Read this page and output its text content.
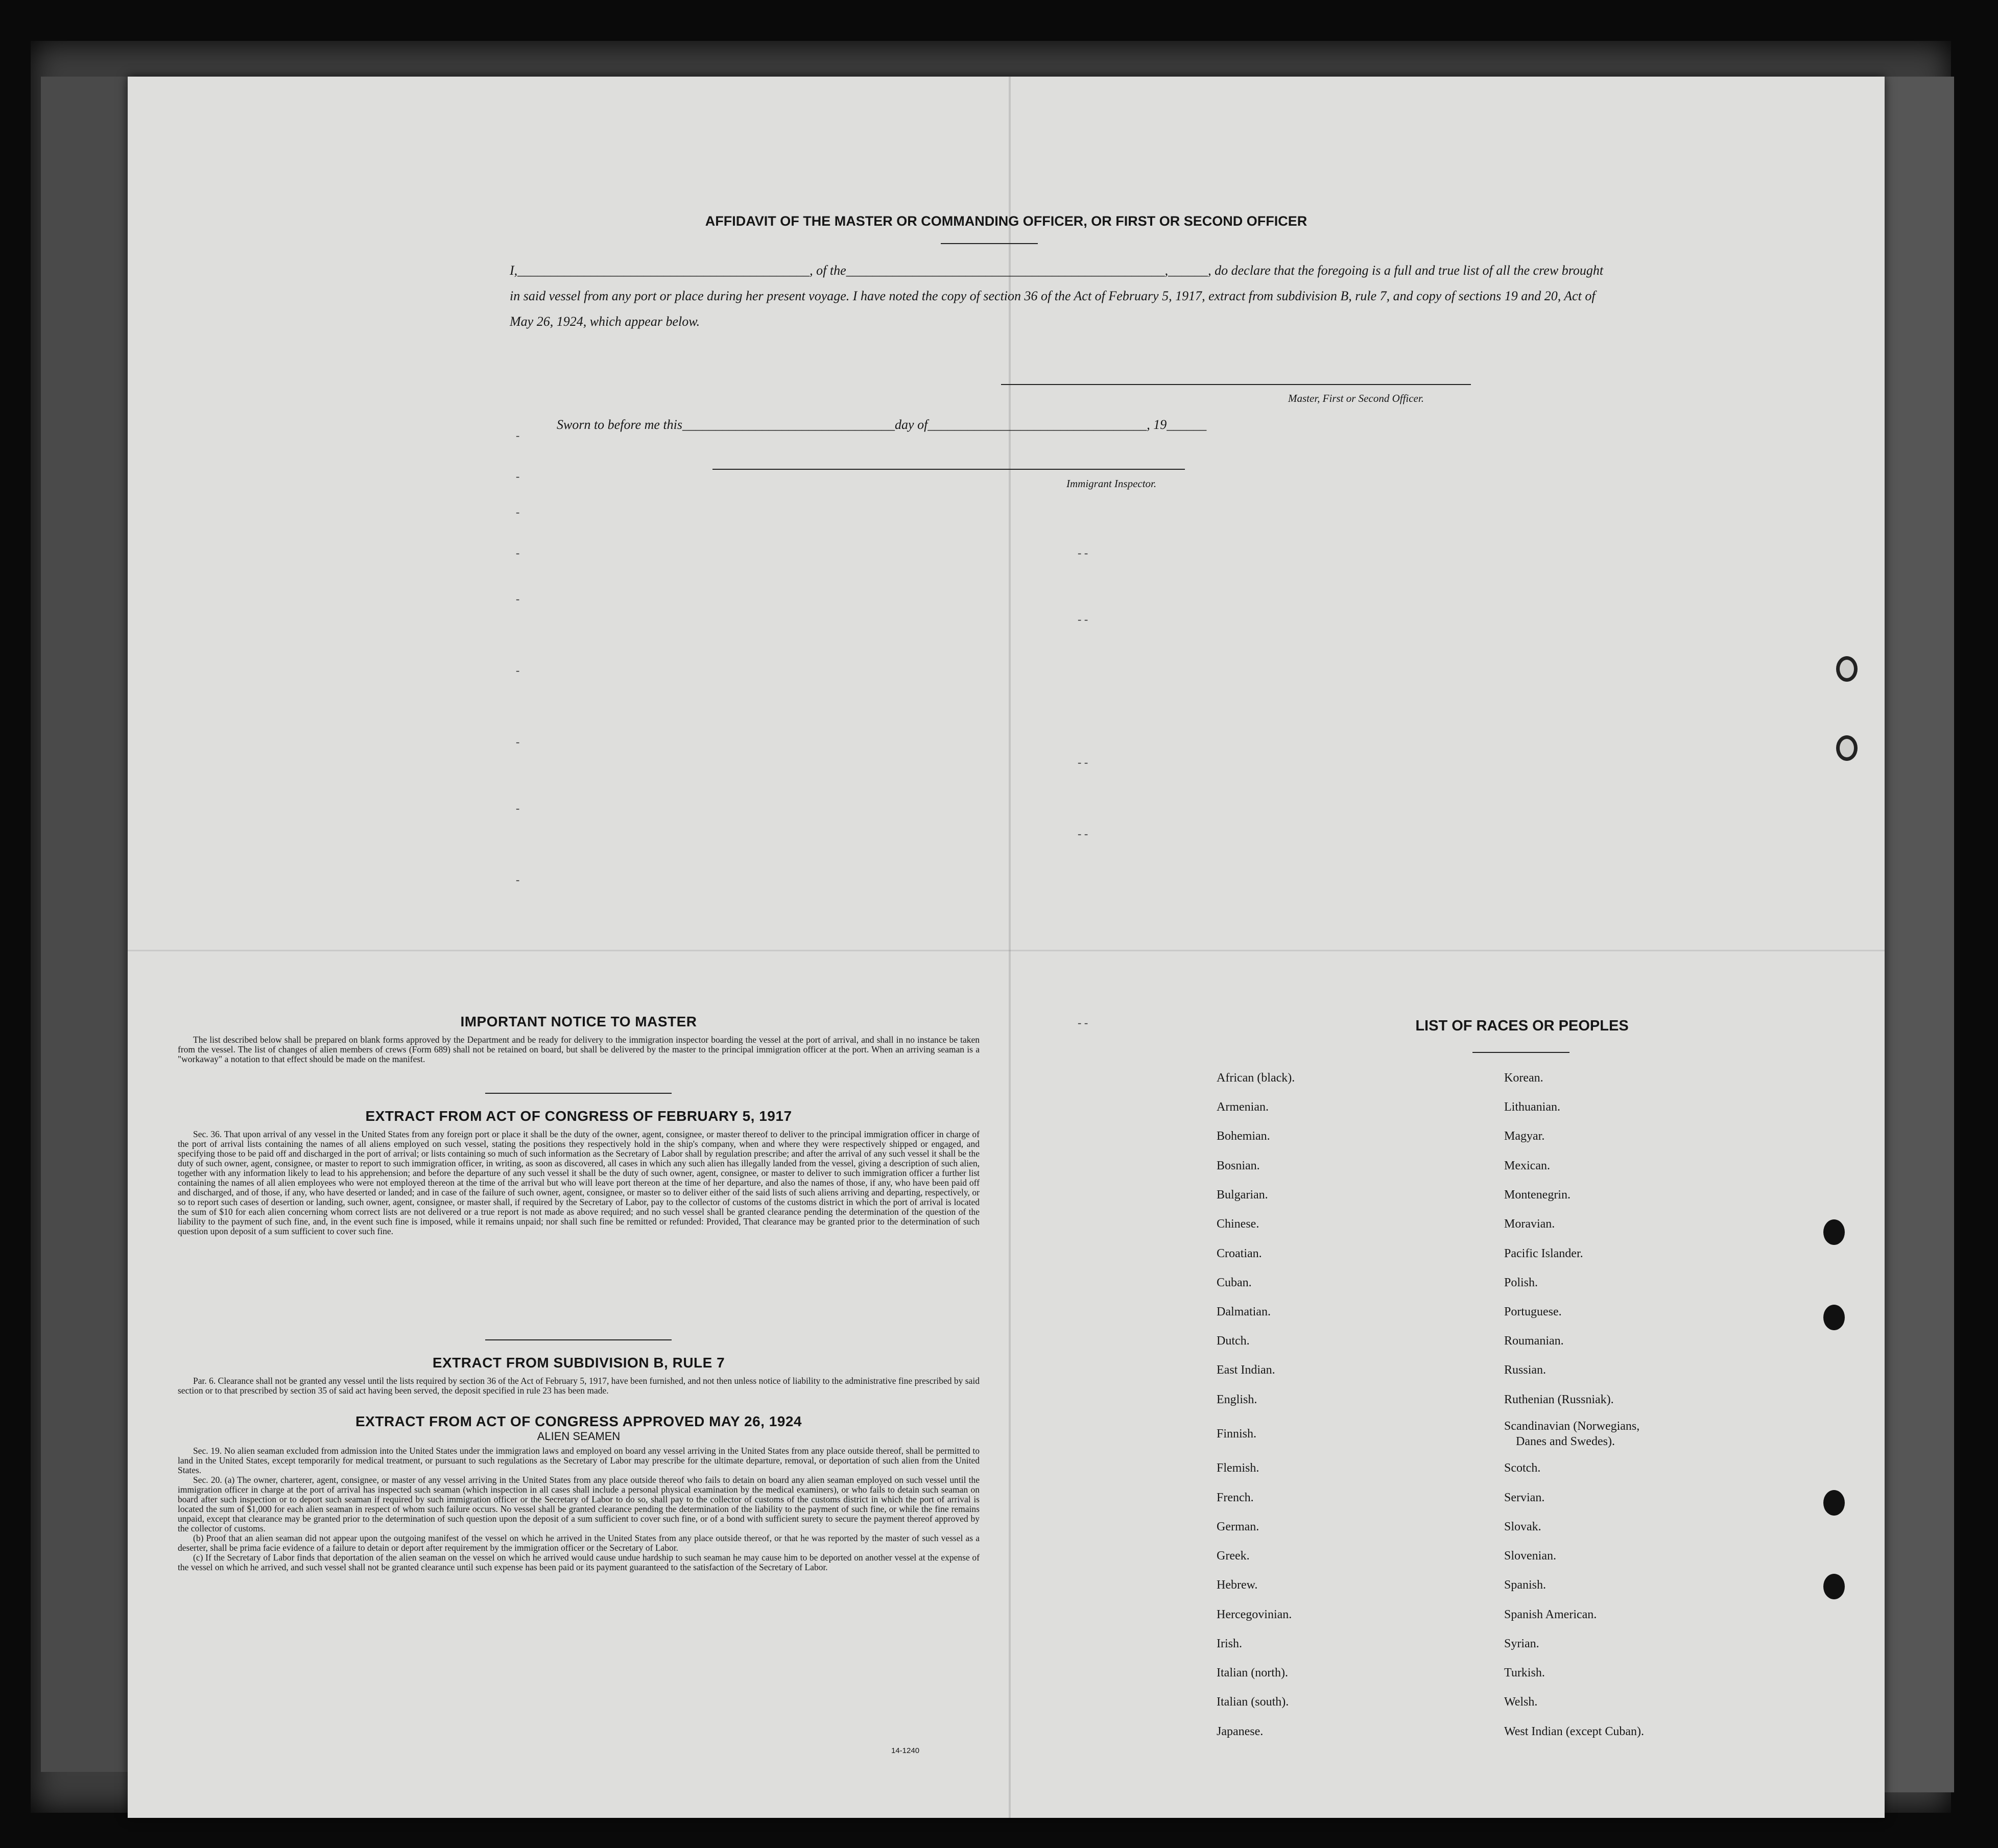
AFFIDAVIT OF THE MASTER OR COMMANDING OFFICER, OR FIRST OR SECOND OFFICER
I,____________________________________________, of the________________________________________________,______, do declare that the foregoing is a full and true list of all the crew brought in said vessel from any port or place during her present voyage. I have noted the copy of section 36 of the Act of February 5, 1917, extract from subdivision B, rule 7, and copy of sections 19 and 20, Act of May 26, 1924, which appear below.
Master, First or Second Officer.
Sworn to before me this________________________________day of_________________________________, 19______
Immigrant Inspector.
-
-
-
-
-
-
-
-
-
- -
- -
- -
- -
- -
IMPORTANT NOTICE TO MASTER

The list described below shall be prepared on blank forms approved by the Department and be ready for delivery to the immigration inspector boarding the vessel at the port of arrival, and shall in no instance be taken from the vessel. The list of changes of alien members of crews (Form 689) shall not be retained on board, but shall be delivered by the master to the principal immigration officer at the port. When an arriving seaman is a "workaway" a notation to that effect should be made on the manifest.

EXTRACT FROM ACT OF CONGRESS OF FEBRUARY 5, 1917

Sec. 36. That upon arrival of any vessel in the United States from any foreign port or place it shall be the duty of the owner, agent, consignee, or master thereof to deliver to the principal immigration officer in charge of the port of arrival lists containing the names of all aliens employed on such vessel, stating the positions they respectively hold in the ship's company, when and where they were respectively shipped or engaged, and specifying those to be paid off and discharged in the port of arrival; or lists containing so much of such information as the Secretary of Labor shall by regulation prescribe; and after the arrival of any such vessel it shall be the duty of such owner, agent, consignee, or master to report to such immigration officer, in writing, as soon as discovered, all cases in which any such alien has illegally landed from the vessel, giving a description of such alien, together with any information likely to lead to his apprehension; and before the departure of any such vessel it shall be the duty of such owner, agent, consignee, or master to deliver to such immigration officer a further list containing the names of all alien employees who were not employed thereon at the time of the arrival but who will leave port thereon at the time of her departure, and also the names of those, if any, who have been paid off and discharged, and of those, if any, who have deserted or landed; and in case of the failure of such owner, agent, consignee, or master so to deliver either of the said lists of such aliens arriving and departing, respectively, or so to report such cases of desertion or landing, such owner, agent, consignee, or master shall, if required by the Secretary of Labor, pay to the collector of customs of the customs district in which the port of arrival is located the sum of $10 for each alien concerning whom correct lists are not delivered or a true report is not made as above required; and no such vessel shall be granted clearance pending the determination of the question of the liability to the payment of such fine, and, in the event such fine is imposed, while it remains unpaid; nor shall such fine be remitted or refunded: Provided, That clearance may be granted prior to the determination of such question upon deposit of a sum sufficient to cover such fine.

EXTRACT FROM SUBDIVISION B, RULE 7

Par. 6. Clearance shall not be granted any vessel until the lists required by section 36 of the Act of February 5, 1917, have been furnished, and not then unless notice of liability to the administrative fine prescribed by said section or to that prescribed by section 35 of said act having been served, the deposit specified in rule 23 has been made.

EXTRACT FROM ACT OF CONGRESS APPROVED MAY 26, 1924
ALIEN SEAMEN

Sec. 19. No alien seaman excluded from admission into the United States under the immigration laws and employed on board any vessel arriving in the United States from any place outside thereof, shall be permitted to land in the United States, except temporarily for medical treatment, or pursuant to such regulations as the Secretary of Labor may prescribe for the ultimate departure, removal, or deportation of such alien from the United States.

Sec. 20. (a) The owner, charterer, agent, consignee, or master of any vessel arriving in the United States from any place outside thereof who fails to detain on board any alien seaman employed on such vessel until the immigration officer in charge at the port of arrival has inspected such seaman (which inspection in all cases shall include a personal physical examination by the medical examiners), or who fails to detain such seaman on board after such inspection or to deport such seaman if required by such immigration officer or the Secretary of Labor to do so, shall pay to the collector of customs of the customs district in which the port of arrival is located the sum of $1,000 for each alien seaman in respect of whom such failure occurs. No vessel shall be granted clearance pending the determination of the liability to the payment of such fine, or while the fine remains unpaid, except that clearance may be granted prior to the determination of such question upon the deposit of a sum sufficient to cover such fine, or of a bond with sufficient surety to secure the payment thereof approved by the collector of customs.

(b) Proof that an alien seaman did not appear upon the outgoing manifest of the vessel on which he arrived in the United States from any place outside thereof, or that he was reported by the master of such vessel as a deserter, shall be prima facie evidence of a failure to detain or deport after requirement by the immigration officer or the Secretary of Labor.

(c) If the Secretary of Labor finds that deportation of the alien seaman on the vessel on which he arrived would cause undue hardship to such seaman he may cause him to be deported on another vessel at the expense of the vessel on which he arrived, and such vessel shall not be granted clearance until such expense has been paid or its payment guaranteed to the satisfaction of the Secretary of Labor.

14-1240
LIST OF RACES OR PEOPLES
African (black).
Armenian.
Bohemian.
Bosnian.
Bulgarian.
Chinese.
Croatian.
Cuban.
Dalmatian.
Dutch.
East Indian.
English.
Finnish.
Flemish.
French.
German.
Greek.
Hebrew.
Hercegovinian.
Irish.
Italian (north).
Italian (south).
Japanese.
Korean.
Lithuanian.
Magyar.
Mexican.
Montenegrin.
Moravian.
Pacific Islander.
Polish.
Portuguese.
Roumanian.
Russian.
Ruthenian (Russniak).
Scandinavian (Norwegians,
Danes and Swedes).
Scotch.
Servian.
Slovak.
Slovenian.
Spanish.
Spanish American.
Syrian.
Turkish.
Welsh.
West Indian (except Cuban).
